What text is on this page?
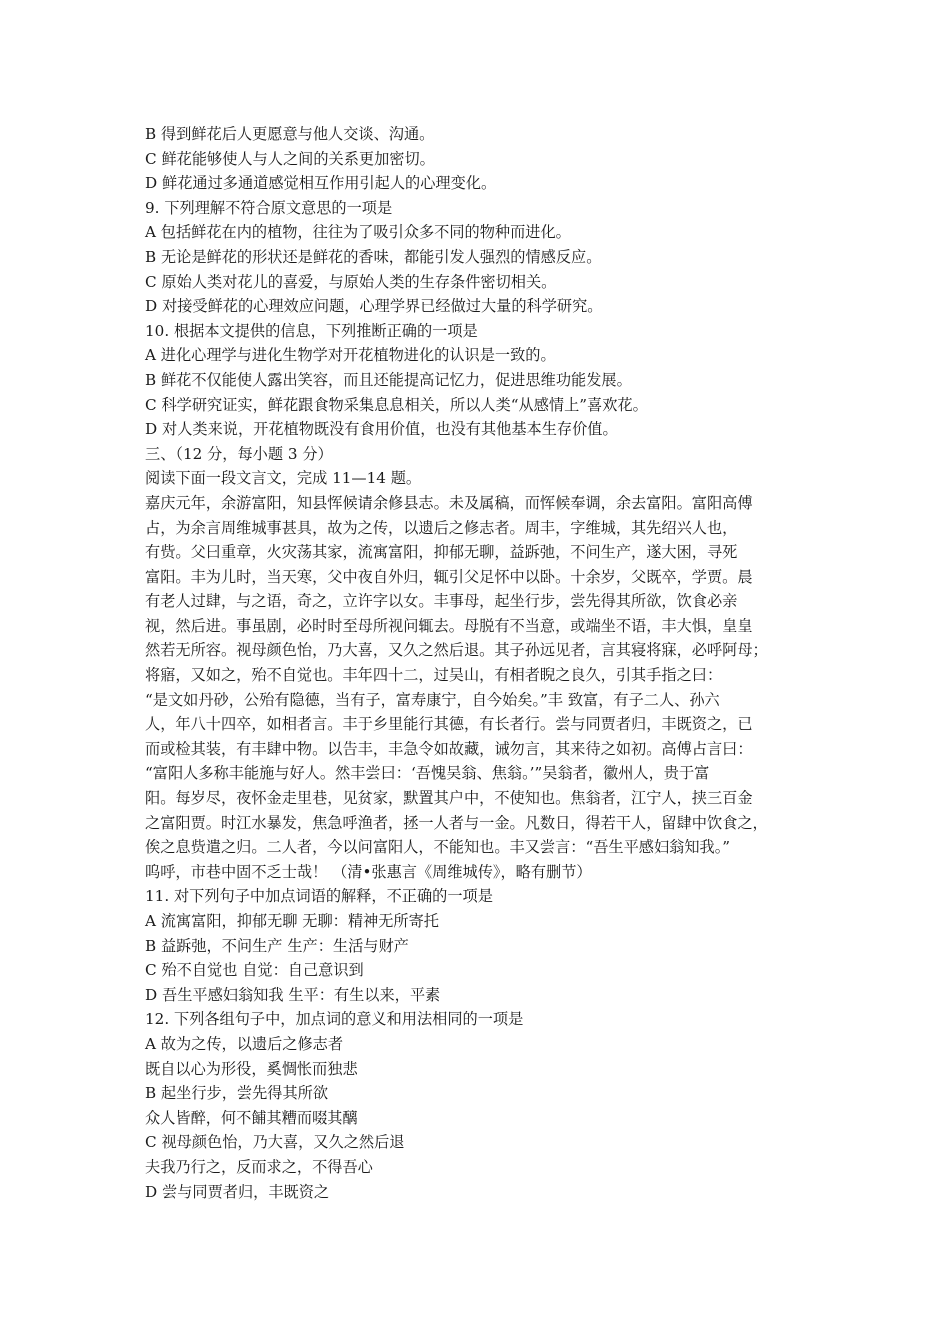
B 得到鲜花后人更愿意与他人交谈、沟通。
C 鲜花能够使人与人之间的关系更加密切。
D 鲜花通过多通道感觉相互作用引起人的心理变化。
9. 下列理解不符合原文意思的一项是
A 包括鲜花在内的植物，往往为了吸引众多不同的物种而进化。
B 无论是鲜花的形状还是鲜花的香味，都能引发人强烈的情感反应。
C 原始人类对花儿的喜爱，与原始人类的生存条件密切相关。
D 对接受鲜花的心理效应问题，心理学界已经做过大量的科学研究。
10. 根据本文提供的信息，下列推断正确的一项是
A 进化心理学与进化生物学对开花植物进化的认识是一致的。
B 鲜花不仅能使人露出笑容，而且还能提高记忆力，促进思维功能发展。
C 科学研究证实，鲜花跟食物采集息息相关，所以人类“从感情上”喜欢花。
D 对人类来说，开花植物既没有食用价值，也没有其他基本生存价值。
三、（12 分，每小题 3 分）
阅读下面一段文言文，完成 11—14 题。
嘉庆元年，余游富阳，知县恽候请余修县志。未及属稿，而恽候奉调，余去富阳。富阳高傅
占，为余言周维城事甚具，故为之传，以遗后之修志者。周丰，字维城，其先绍兴人也，
有赀。父曰重章，火灾荡其家，流寓富阳，抑郁无聊，益跅弛，不问生产，遂大困，寻死
富阳。丰为儿时，当天寒，父中夜自外归，辄引父足怀中以卧。十余岁，父既卒，学贾。晨
有老人过肆，与之语，奇之，立许字以女。丰事母，起坐行步，尝先得其所欲，饮食必亲
视，然后进。事虽剧，必时时至母所视问辄去。母脱有不当意，或端坐不语，丰大惧，皇皇
然若无所容。视母颜色怡，乃大喜，又久之然后退。其子孙远见者，言其寝将寐，必呼阿母；
将寤，又如之，殆不自觉也。丰年四十二，过吴山，有相者睨之良久，引其手指之曰：
“是文如丹砂，公殆有隐德，当有子，富寿康宁，自今始矣。”丰 致富，有子二人、孙六
人，年八十四卒，如相者言。丰于乡里能行其德，有长者行。尝与同贾者归，丰既资之，已
而或检其装，有丰肆中物。以告丰，丰急令如故藏，诫勿言，其来待之如初。高傅占言曰：
“富阳人多称丰能施与好人。然丰尝曰：‘吾愧吴翁、焦翁。’”吴翁者，徽州人，贵于富
阳。每岁尽，夜怀金走里巷，见贫家，默置其户中，不使知也。焦翁者，江宁人，挟三百金
之富阳贾。时江水暴发，焦急呼渔者，拯一人者与一金。凡数日，得若干人，留肆中饮食之，
俟之息赀遣之归。二人者，今以问富阳人，不能知也。丰又尝言：“吾生平感妇翁知我。”
呜呼，市巷中固不乏士哉！ （清•张惠言《周维城传》，略有删节）
11. 对下列句子中加点词语的解释，不正确的一项是
A 流寓富阳，抑郁无聊 无聊：精神无所寄托
B 益跅弛，不问生产 生产：生活与财产
C 殆不自觉也 自觉：自己意识到
D 吾生平感妇翁知我 生平：有生以来，平素
12. 下列各组句子中，加点词的意义和用法相同的一项是
A 故为之传，以遗后之修志者
既自以心为形役，奚惆怅而独悲
B 起坐行步，尝先得其所欲
众人皆醉，何不餔其糟而啜其醨
C 视母颜色怡，乃大喜，又久之然后退
夫我乃行之，反而求之，不得吾心
D 尝与同贾者归，丰既资之
